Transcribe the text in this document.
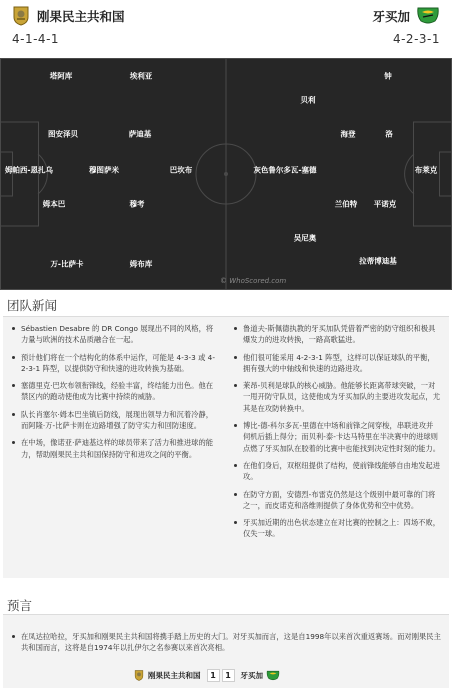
刚果民主共和国	牙买加
4-1-4-1	4-2-3-1
姆帕西-恩扎乌
万-比萨卡
姆本巴
图安泽贝
塔阿库
穆图萨米
姆布库
穆考
萨迪基
埃利亚
巴坎布	布莱克
拉蒂博迪基
平诺克
洛
钟
兰伯特
海登
灰色鲁尔多瓦-塞德
贝利
吴尼奥
© WhoScored.com
团队新闻
Sébastien Desabre 的 DR Congo 展现出不同的风格，将力量与欧洲的技术品质融合在一起。
预计他们将在一个结构化的体系中运作，可能是 4-3-3 或 4-2-3-1 阵型，以提供防守和快速的进攻转换为基础。
塞德里克·巴坎布领衔锋线，经验丰富，终结能力出色。他在禁区内的跑动使他成为比赛中持续的威胁。
队长肖塞尔·姆本巴坐镇后防线，展现出领导力和沉着冷静，而阿隆·万-比萨卡则在边路增强了防守实力和回防速度。
在中场，像诺亚·萨迪基这样的球员带来了活力和推进球的能力，帮助刚果民主共和国保持防守和进攻之间的平衡。
鲁道夫-斯佩德执教的牙买加队凭借着严密的防守组织和极具爆发力的进攻转换，一路高歌猛进。
他们很可能采用 4-2-3-1 阵型，这样可以保证球队的平衡，拥有强大的中轴线和快速的边路进攻。
莱昂-贝利是球队的核心威胁。他能够长距离带球突破，一对一甩开防守队员，这使他成为牙买加队的主要进攻发起点，尤其是在攻防转换中。
博比-德-科尔多瓦-里德在中场和前锋之间穿梭，串联进攻并伺机后插上得分；而贝利-泰-卡达马特里在半决赛中的进球则点燃了牙买加队在胶着的比赛中也能找到决定性时刻的能力。
在他们身后，双枢纽提供了结构，使前锋线能够自由地发起进攻。
在防守方面，安德烈-布雷克仍然是这个级别中最可靠的门将之一，而皮诺克和洛维则提供了身体优势和空中优势。
牙买加近期的出色状态建立在对比赛的控制之上：四场不败，仅失一球。
预言
在凤达拉哈拉，牙买加和刚果民主共和国将携手踏上历史的大门。对牙买加而言，这是自1998年以来首次重返赛场。而对刚果民主共和国而言，这将是自1974年以扎伊尔之名参赛以来首次亮相。
刚果民主共和国	1	1	牙买加
